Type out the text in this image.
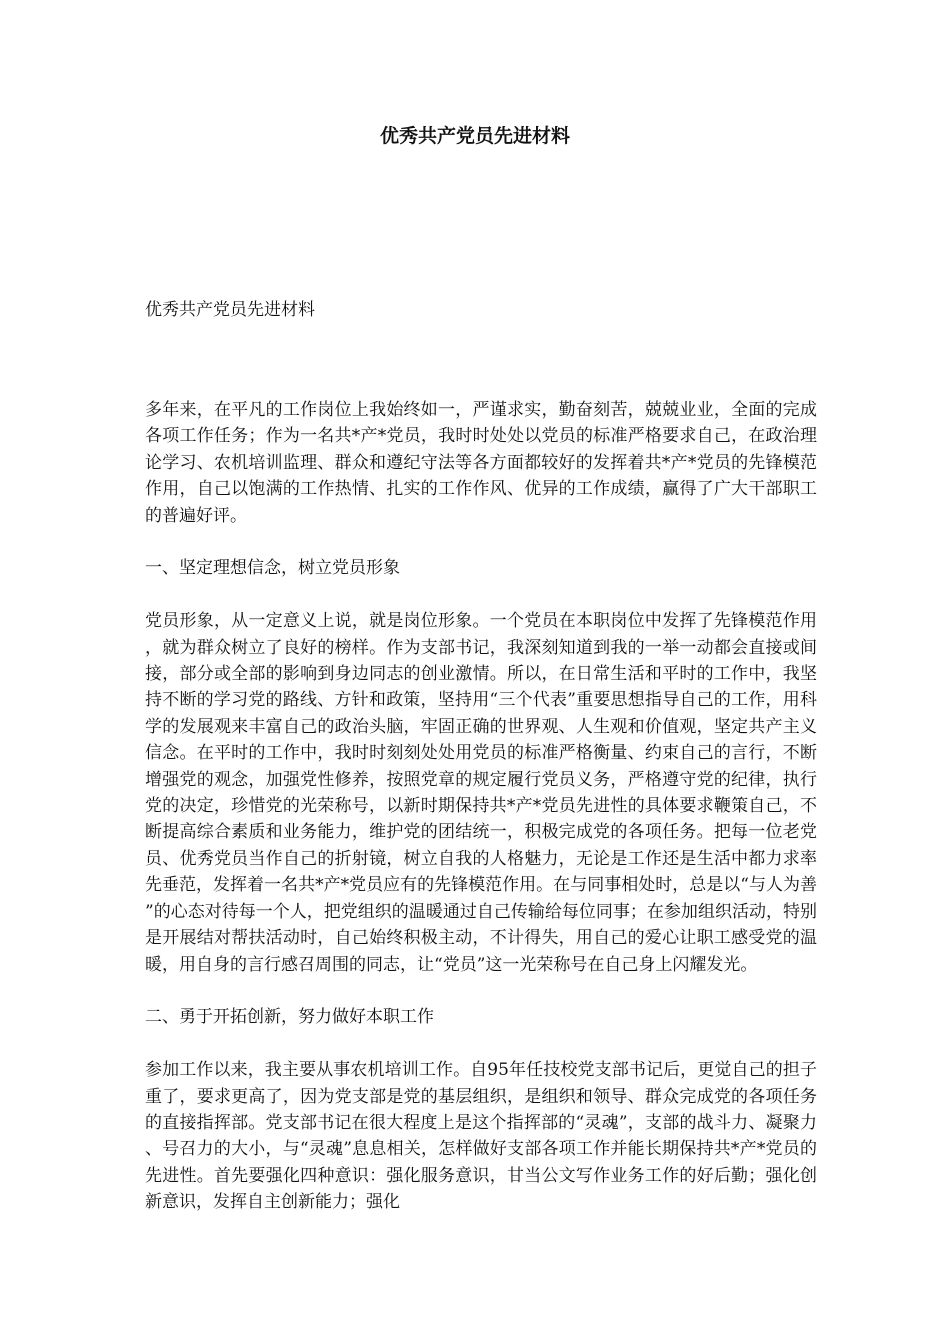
优秀共产党员先进材料

优秀共产党员先进材料

多年来，在平凡的工作岗位上我始终如一，严谨求实，勤奋刻苦，兢兢业业，全面的完成各项工作任务；作为一名共*产*党员，我时时处处以党员的标准严格要求自己，在政治理论学习、农机培训监理、群众和遵纪守法等各方面都较好的发挥着共*产*党员的先锋模范作用，自己以饱满的工作热情、扎实的工作作风、优异的工作成绩，赢得了广大干部职工的普遍好评。

一、坚定理想信念，树立党员形象

党员形象，从一定意义上说，就是岗位形象。一个党员在本职岗位中发挥了先锋模范作用，就为群众树立了良好的榜样。作为支部书记，我深刻知道到我的一举一动都会直接或间接，部分或全部的影响到身边同志的创业激情。所以，在日常生活和平时的工作中，我坚持不断的学习党的路线、方针和政策，坚持用“三个代表”重要思想指导自己的工作，用科学的发展观来丰富自己的政治头脑，牢固正确的世界观、人生观和价值观，坚定共产主义信念。在平时的工作中，我时时刻刻处处用党员的标准严格衡量、约束自己的言行，不断增强党的观念，加强党性修养，按照党章的规定履行党员义务，严格遵守党的纪律，执行党的决定，珍惜党的光荣称号，以新时期保持共*产*党员先进性的具体要求鞭策自己，不断提高综合素质和业务能力，维护党的团结统一，积极完成党的各项任务。把每一位老党员、优秀党员当作自己的折射镜，树立自我的人格魅力，无论是工作还是生活中都力求率先垂范，发挥着一名共*产*党员应有的先锋模范作用。在与同事相处时，总是以“与人为善”的心态对待每一个人，把党组织的温暖通过自己传输给每位同事；在参加组织活动，特别是开展结对帮扶活动时，自己始终积极主动，不计得失，用自己的爱心让职工感受党的温暖，用自身的言行感召周围的同志，让“党员”这一光荣称号在自己身上闪耀发光。

二、勇于开拓创新，努力做好本职工作

参加工作以来，我主要从事农机培训工作。自95年任技校党支部书记后，更觉自己的担子重了，要求更高了，因为党支部是党的基层组织，是组织和领导、群众完成党的各项任务的直接指挥部。党支部书记在很大程度上是这个指挥部的“灵魂”，支部的战斗力、凝聚力、号召力的大小，与“灵魂”息息相关，怎样做好支部各项工作并能长期保持共*产*党员的先进性。首先要强化四种意识：强化服务意识，甘当公文写作业务工作的好后勤；强化创新意识，发挥自主创新能力；强化
